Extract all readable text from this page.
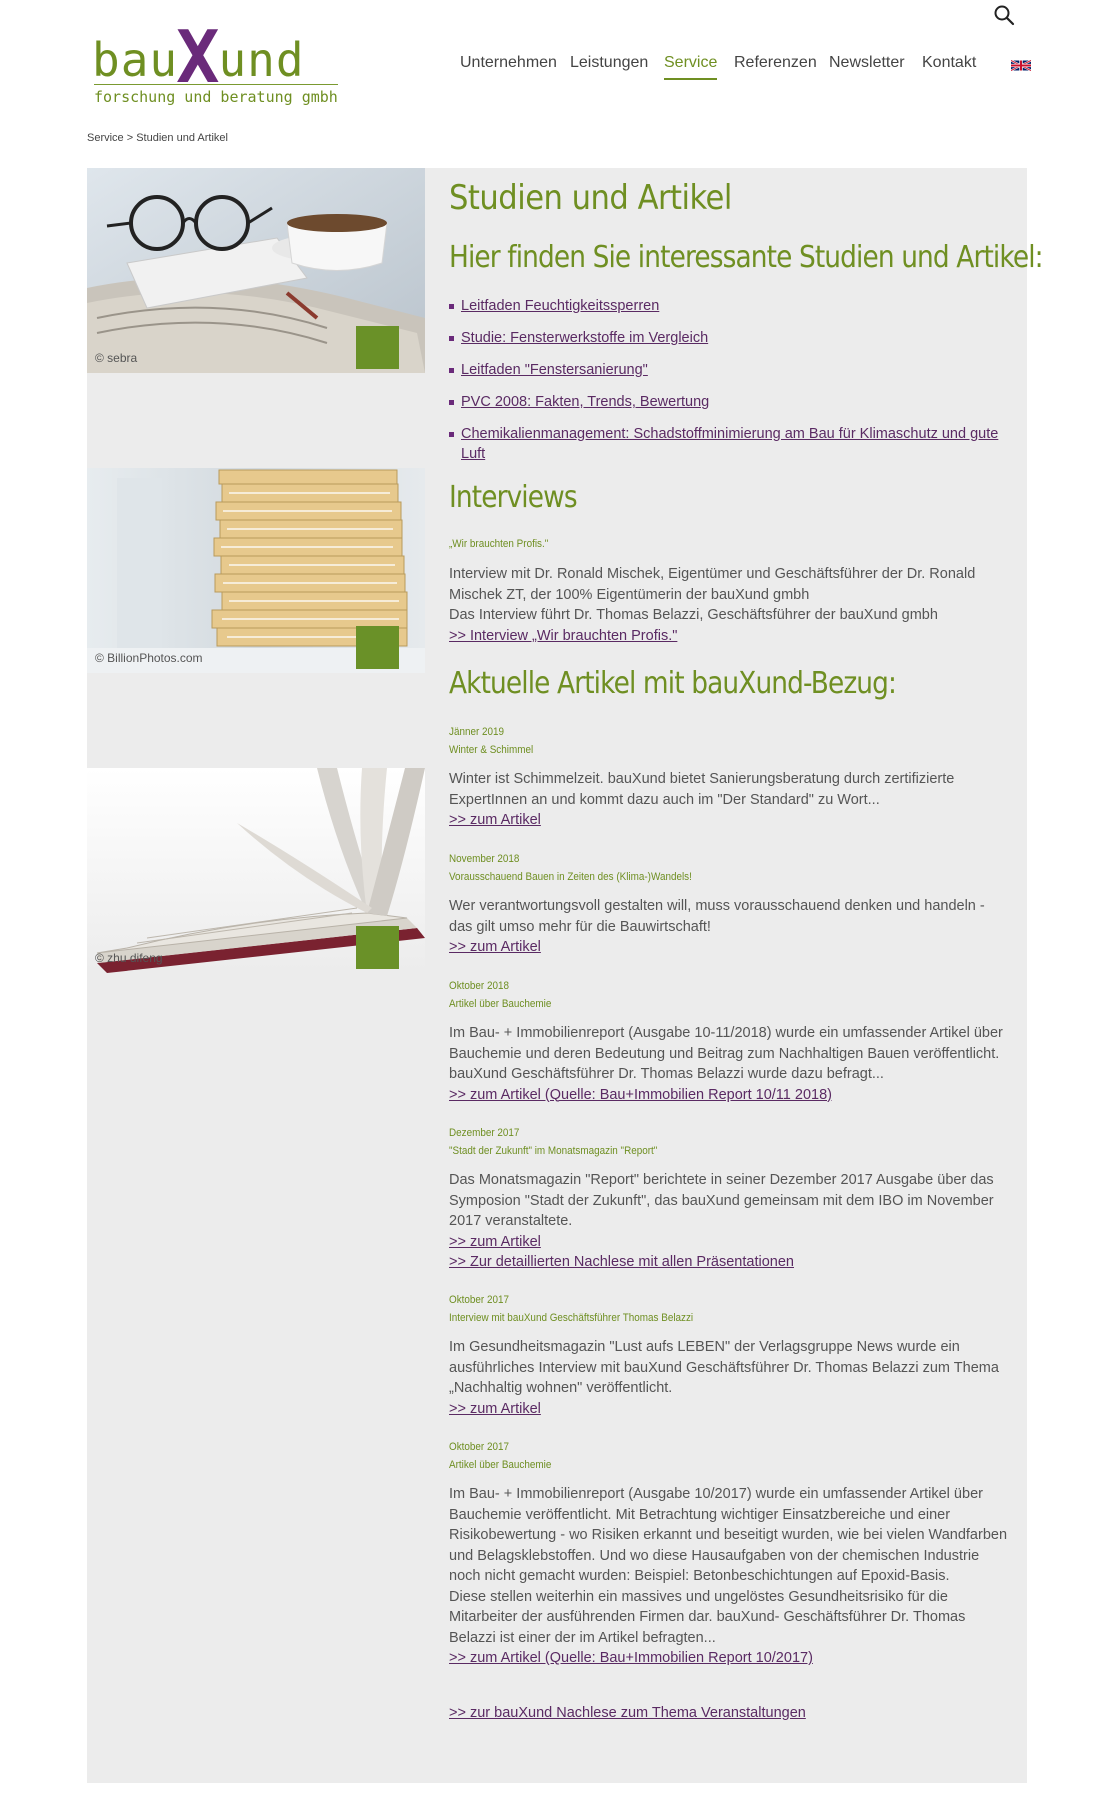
bauXund
forschung und beratung gmbh
Unternehmen Leistungen Service Referenzen Newsletter Kontakt
Service > Studien und Artikel
© sebra
© BillionPhotos.com
© zhu difeng
Studien und Artikel
Hier finden Sie interessante Studien und Artikel:
Leitfaden Feuchtigkeitssperren
Studie: Fensterwerkstoffe im Vergleich
Leitfaden "Fenstersanierung"
PVC 2008: Fakten, Trends, Bewertung
Chemikalienmanagement: Schadstoffminimierung am Bau für Klimaschutz und gute Luft
Interviews
„Wir brauchten Profis."
Interview mit Dr. Ronald Mischek, Eigentümer und Geschäftsführer der Dr. Ronald Mischek ZT, der 100% Eigentümerin der bauXund gmbh
Das Interview führt Dr. Thomas Belazzi, Geschäftsführer der bauXund gmbh
>> Interview „Wir brauchten Profis."
Aktuelle Artikel mit bauXund-Bezug:
Jänner 2019
Winter & Schimmel
Winter ist Schimmelzeit. bauXund bietet Sanierungsberatung durch zertifizierte ExpertInnen an und kommt dazu auch im "Der Standard" zu Wort...
>> zum Artikel
November 2018
Vorausschauend Bauen in Zeiten des (Klima-)Wandels!
Wer verantwortungsvoll gestalten will, muss vorausschauend denken und handeln - das gilt umso mehr für die Bauwirtschaft!
>> zum Artikel
Oktober 2018
Artikel über Bauchemie
Im Bau- + Immobilienreport (Ausgabe 10-11/2018) wurde ein umfassender Artikel über Bauchemie und deren Bedeutung und Beitrag zum Nachhaltigen Bauen veröffentlicht. bauXund Geschäftsführer Dr. Thomas Belazzi wurde dazu befragt...
>> zum Artikel (Quelle: Bau+Immobilien Report 10/11 2018)
Dezember 2017
"Stadt der Zukunft" im Monatsmagazin "Report"
Das Monatsmagazin "Report" berichtete in seiner Dezember 2017 Ausgabe über das Symposion "Stadt der Zukunft", das bauXund gemeinsam mit dem IBO im November 2017 veranstaltete.
>> zum Artikel
>> Zur detaillierten Nachlese mit allen Präsentationen
Oktober 2017
Interview mit bauXund Geschäftsführer Thomas Belazzi
Im Gesundheitsmagazin "Lust aufs LEBEN" der Verlagsgruppe News wurde ein ausführliches Interview mit bauXund Geschäftsführer Dr. Thomas Belazzi zum Thema „Nachhaltig wohnen" veröffentlicht.
>> zum Artikel
Oktober 2017
Artikel über Bauchemie
Im Bau- + Immobilienreport (Ausgabe 10/2017) wurde ein umfassender Artikel über Bauchemie veröffentlicht. Mit Betrachtung wichtiger Einsatzbereiche und einer Risikobewertung - wo Risiken erkannt und beseitigt wurden, wie bei vielen Wandfarben und Belagsklebstoffen. Und wo diese Hausaufgaben von der chemischen Industrie noch nicht gemacht wurden: Beispiel: Betonbeschichtungen auf Epoxid-Basis.
Diese stellen weiterhin ein massives und ungelöstes Gesundheitsrisiko für die Mitarbeiter der ausführenden Firmen dar. bauXund- Geschäftsführer Dr. Thomas Belazzi ist einer der im Artikel befragten...
>> zum Artikel (Quelle: Bau+Immobilien Report 10/2017)
>> zur bauXund Nachlese zum Thema Veranstaltungen
